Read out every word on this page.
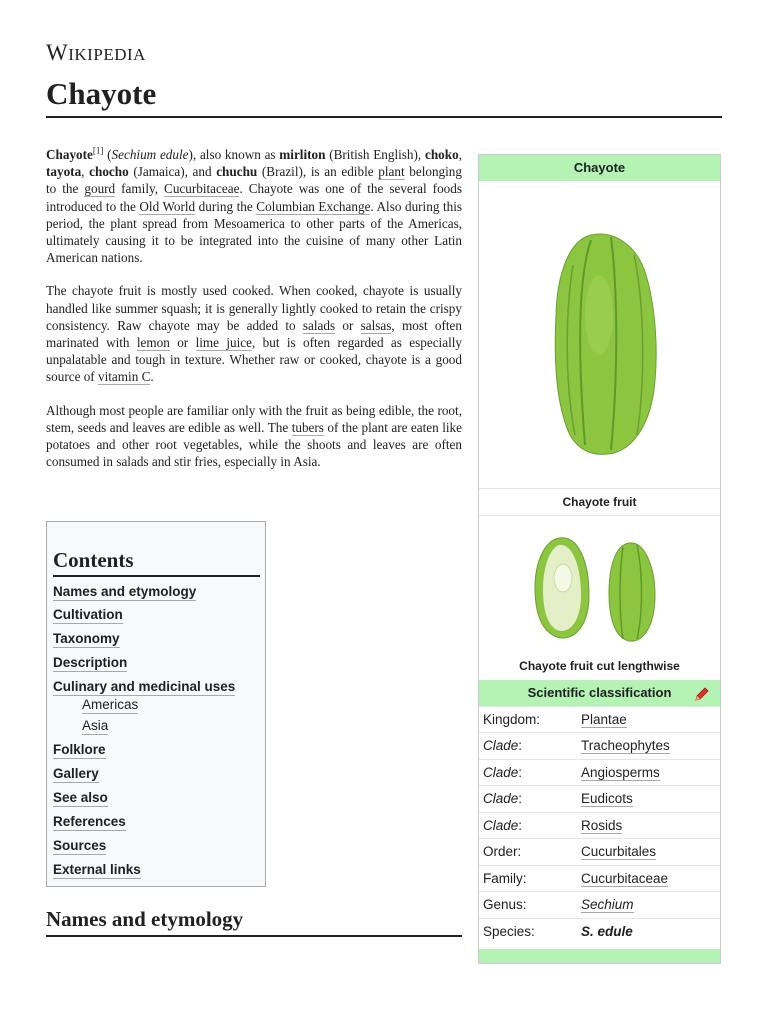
WIKIPEDIA
Chayote

Chayote[1] (Sechium edule), also known as mirliton (British English), choko, tayota, chocho (Jamaica), and chuchu (Brazil), is an edible plant belonging to the gourd family, Cucurbitaceae. Chayote was one of the several foods introduced to the Old World during the Columbian Exchange. Also during this period, the plant spread from Mesoamerica to other parts of the Americas, ultimately causing it to be integrated into the cuisine of many other Latin American nations.

The chayote fruit is mostly used cooked. When cooked, chayote is usually handled like summer squash; it is generally lightly cooked to retain the crispy consistency. Raw chayote may be added to salads or salsas, most often marinated with lemon or lime juice, but is often regarded as especially unpalatable and tough in texture. Whether raw or cooked, chayote is a good source of vitamin C.

Although most people are familiar only with the fruit as being edible, the root, stem, seeds and leaves are edible as well. The tubers of the plant are eaten like potatoes and other root vegetables, while the shoots and leaves are often consumed in salads and stir fries, especially in Asia.

Contents
Names and etymology
Cultivation
Taxonomy
Description
Culinary and medicinal uses
Americas
Asia
Folklore
Gallery
See also
References
Sources
External links
Names and etymology
Chayote
Chayote fruit
Chayote fruit cut lengthwise
Scientific classification
Kingdom:	Plantae
Clade:	Tracheophytes
Clade:	Angiosperms
Clade:	Eudicots
Clade:	Rosids
Order:	Cucurbitales
Family:	Cucurbitaceae
Genus:	Sechium
Species:	S. edule
